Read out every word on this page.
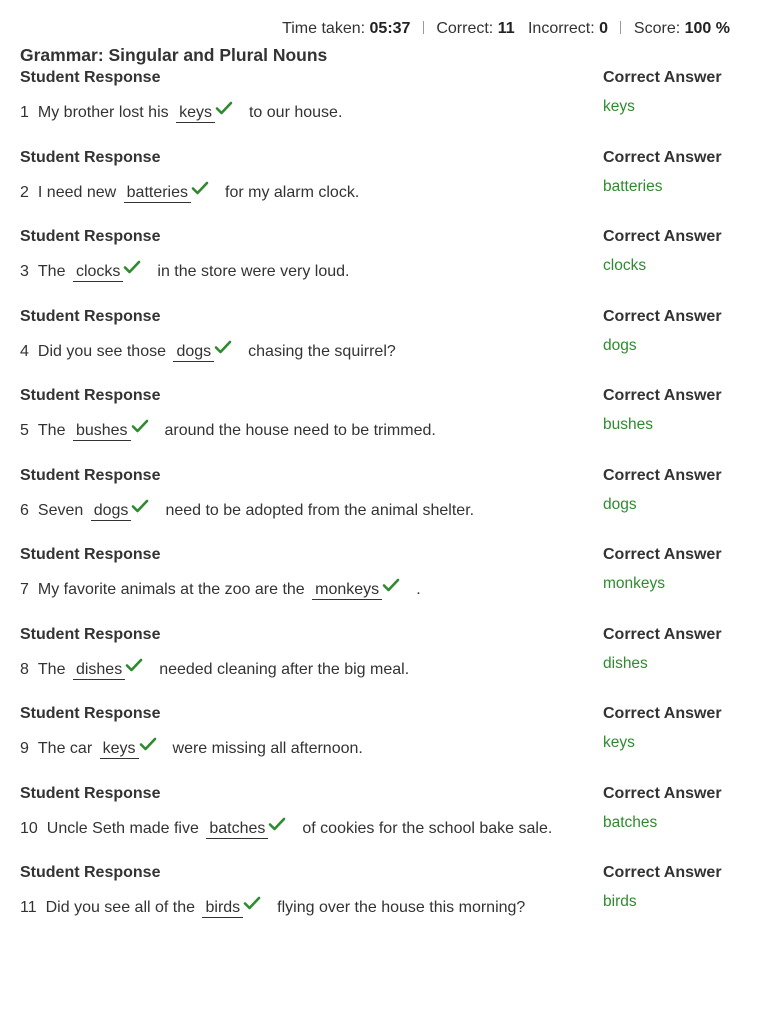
Time taken: 05:37 Correct: 11 Incorrect: 0 Score: 100 %
Grammar: Singular and Plural Nouns
Student Response
1 My brother lost his keys to our house.
Correct Answer
keys
Student Response
2 I need new batteries for my alarm clock.
Correct Answer
batteries
Student Response
3 The clocks in the store were very loud.
Correct Answer
clocks
Student Response
4 Did you see those dogs chasing the squirrel?
Correct Answer
dogs
Student Response
5 The bushes around the house need to be trimmed.
Correct Answer
bushes
Student Response
6 Seven dogs need to be adopted from the animal shelter.
Correct Answer
dogs
Student Response
7 My favorite animals at the zoo are the monkeys .
Correct Answer
monkeys
Student Response
8 The dishes needed cleaning after the big meal.
Correct Answer
dishes
Student Response
9 The car keys were missing all afternoon.
Correct Answer
keys
Student Response
10 Uncle Seth made five batches of cookies for the school bake sale.
Correct Answer
batches
Student Response
11 Did you see all of the birds flying over the house this morning?
Correct Answer
birds
